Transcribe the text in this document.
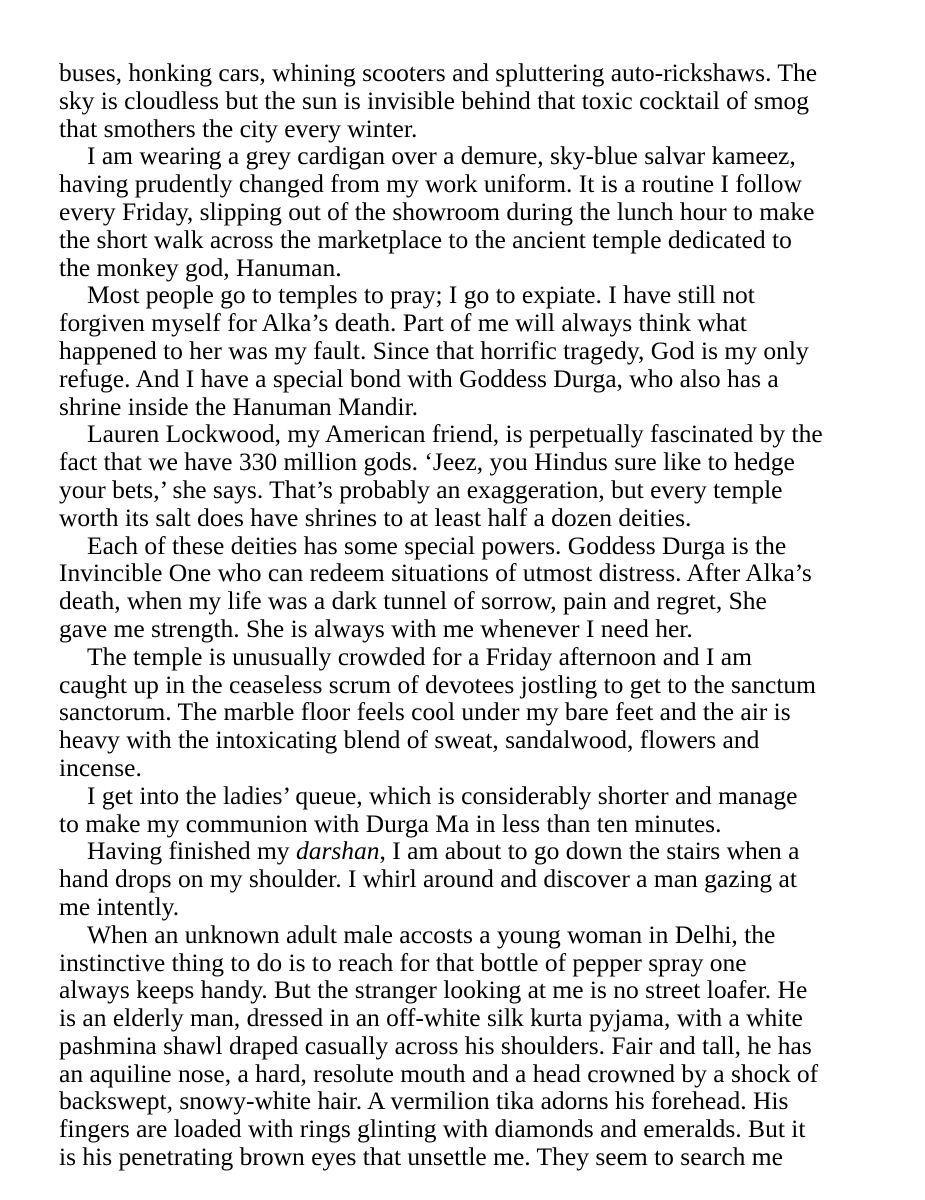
buses, honking cars, whining scooters and spluttering auto-rickshaws. The
sky is cloudless but the sun is invisible behind that toxic cocktail of smog
that smothers the city every winter.

I am wearing a grey cardigan over a demure, sky-blue salvar kameez,
having prudently changed from my work uniform. It is a routine I follow
every Friday, slipping out of the showroom during the lunch hour to make
the short walk across the marketplace to the ancient temple dedicated to
the monkey god, Hanuman.

Most people go to temples to pray; I go to expiate. I have still not
forgiven myself for Alka’s death. Part of me will always think what
happened to her was my fault. Since that horrific tragedy, God is my only
refuge. And I have a special bond with Goddess Durga, who also has a
shrine inside the Hanuman Mandir.

Lauren Lockwood, my American friend, is perpetually fascinated by the
fact that we have 330 million gods. ‘Jeez, you Hindus sure like to hedge
your bets,’ she says. That’s probably an exaggeration, but every temple
worth its salt does have shrines to at least half a dozen deities.

Each of these deities has some special powers. Goddess Durga is the
Invincible One who can redeem situations of utmost distress. After Alka’s
death, when my life was a dark tunnel of sorrow, pain and regret, She
gave me strength. She is always with me whenever I need her.

The temple is unusually crowded for a Friday afternoon and I am
caught up in the ceaseless scrum of devotees jostling to get to the sanctum
sanctorum. The marble floor feels cool under my bare feet and the air is
heavy with the intoxicating blend of sweat, sandalwood, flowers and
incense.

I get into the ladies’ queue, which is considerably shorter and manage
to make my communion with Durga Ma in less than ten minutes.

Having finished my darshan, I am about to go down the stairs when a
hand drops on my shoulder. I whirl around and discover a man gazing at
me intently.

When an unknown adult male accosts a young woman in Delhi, the
instinctive thing to do is to reach for that bottle of pepper spray one
always keeps handy. But the stranger looking at me is no street loafer. He
is an elderly man, dressed in an off-white silk kurta pyjama, with a white
pashmina shawl draped casually across his shoulders. Fair and tall, he has
an aquiline nose, a hard, resolute mouth and a head crowned by a shock of
backswept, snowy-white hair. A vermilion tika adorns his forehead. His
fingers are loaded with rings glinting with diamonds and emeralds. But it
is his penetrating brown eyes that unsettle me. They seem to search me
